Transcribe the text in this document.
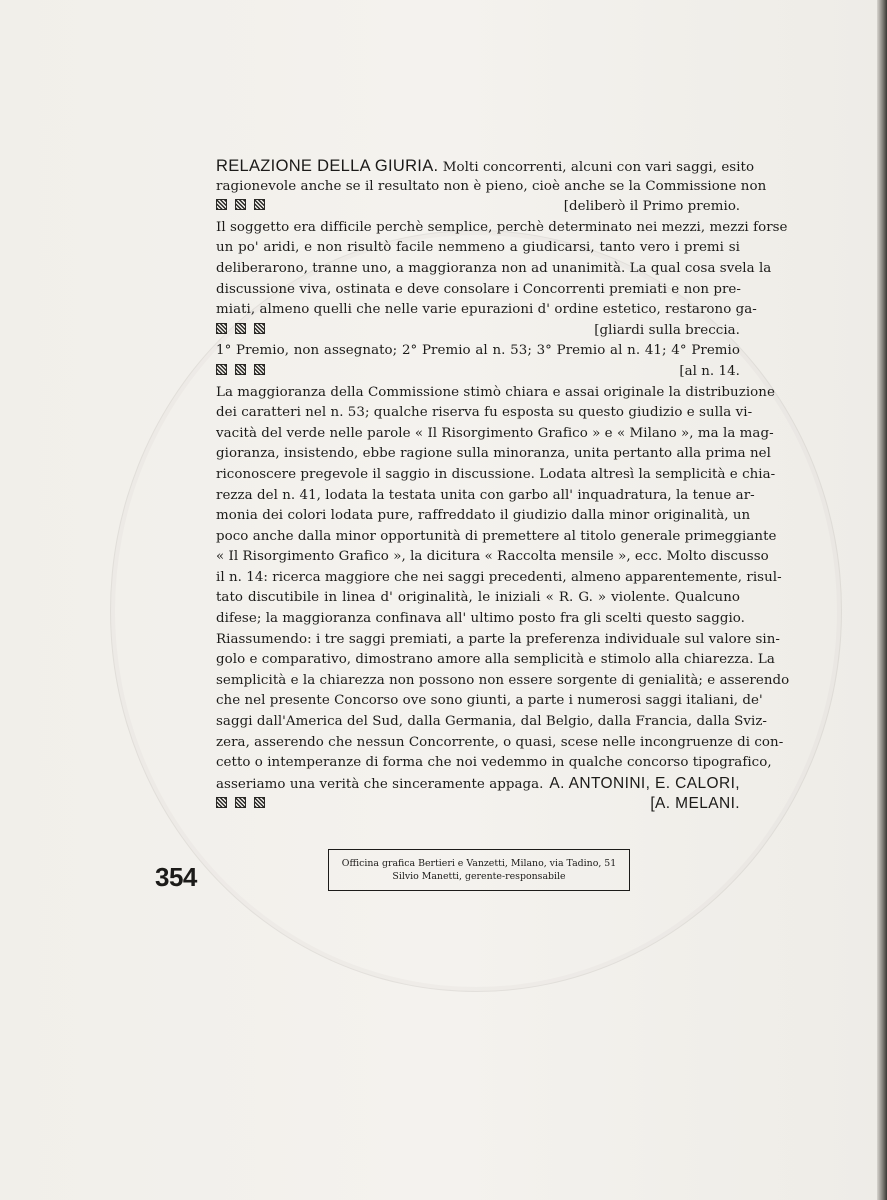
RELAZIONE DELLA GIURIA. Molti concorrenti, alcuni con vari saggi, esito
ragionevole anche se il resultato non è pieno, cioè anche se la Commissione non
[deliberò il Primo premio.
Il soggetto era difficile perchè semplice, perchè determinato nei mezzi, mezzi forse
un po' aridi, e non risultò facile nemmeno a giudicarsi, tanto vero i premi si
deliberarono, tranne uno, a maggioranza non ad unanimità. La qual cosa svela la
discussione viva, ostinata e deve consolare i Concorrenti premiati e non pre-
miati, almeno quelli che nelle varie epurazioni d' ordine estetico, restarono ga-
[gliardi sulla breccia.
1° Premio, non assegnato; 2° Premio al n. 53; 3° Premio al n. 41; 4° Premio
[al n. 14.
La maggioranza della Commissione stimò chiara e assai originale la distribuzione
dei caratteri nel n. 53; qualche riserva fu esposta su questo giudizio e sulla vi-
vacità del verde nelle parole « Il Risorgimento Grafico » e « Milano », ma la mag-
gioranza, insistendo, ebbe ragione sulla minoranza, unita pertanto alla prima nel
riconoscere pregevole il saggio in discussione. Lodata altresì la semplicità e chia-
rezza del n. 41, lodata la testata unita con garbo all' inquadratura, la tenue ar-
monia dei colori lodata pure, raffreddato il giudizio dalla minor originalità, un
poco anche dalla minor opportunità di premettere al titolo generale primeggiante
« Il Risorgimento Grafico », la dicitura « Raccolta mensile », ecc. Molto discusso
il n. 14: ricerca maggiore che nei saggi precedenti, almeno apparentemente, risul-
tato discutibile in linea d' originalità, le iniziali « R. G. » violente. Qualcuno
difese; la maggioranza confinava all' ultimo posto fra gli scelti questo saggio.
Riassumendo: i tre saggi premiati, a parte la preferenza individuale sul valore sin-
golo e comparativo, dimostrano amore alla semplicità e stimolo alla chiarezza. La
semplicità e la chiarezza non possono non essere sorgente di genialità; e asserendo
che nel presente Concorso ove sono giunti, a parte i numerosi saggi italiani, de'
saggi dall'America del Sud, dalla Germania, dal Belgio, dalla Francia, dalla Sviz-
zera, asserendo che nessun Concorrente, o quasi, scese nelle incongruenze di con-
cetto o intemperanze di forma che noi vedemmo in qualche concorso tipografico,
asseriamo una verità che sinceramente appaga. A. ANTONINI, E. CALORI,
[A. MELANI.
354	Officina grafica Bertieri e Vanzetti, Milano, via Tadino, 51
Silvio Manetti, gerente-responsabile
